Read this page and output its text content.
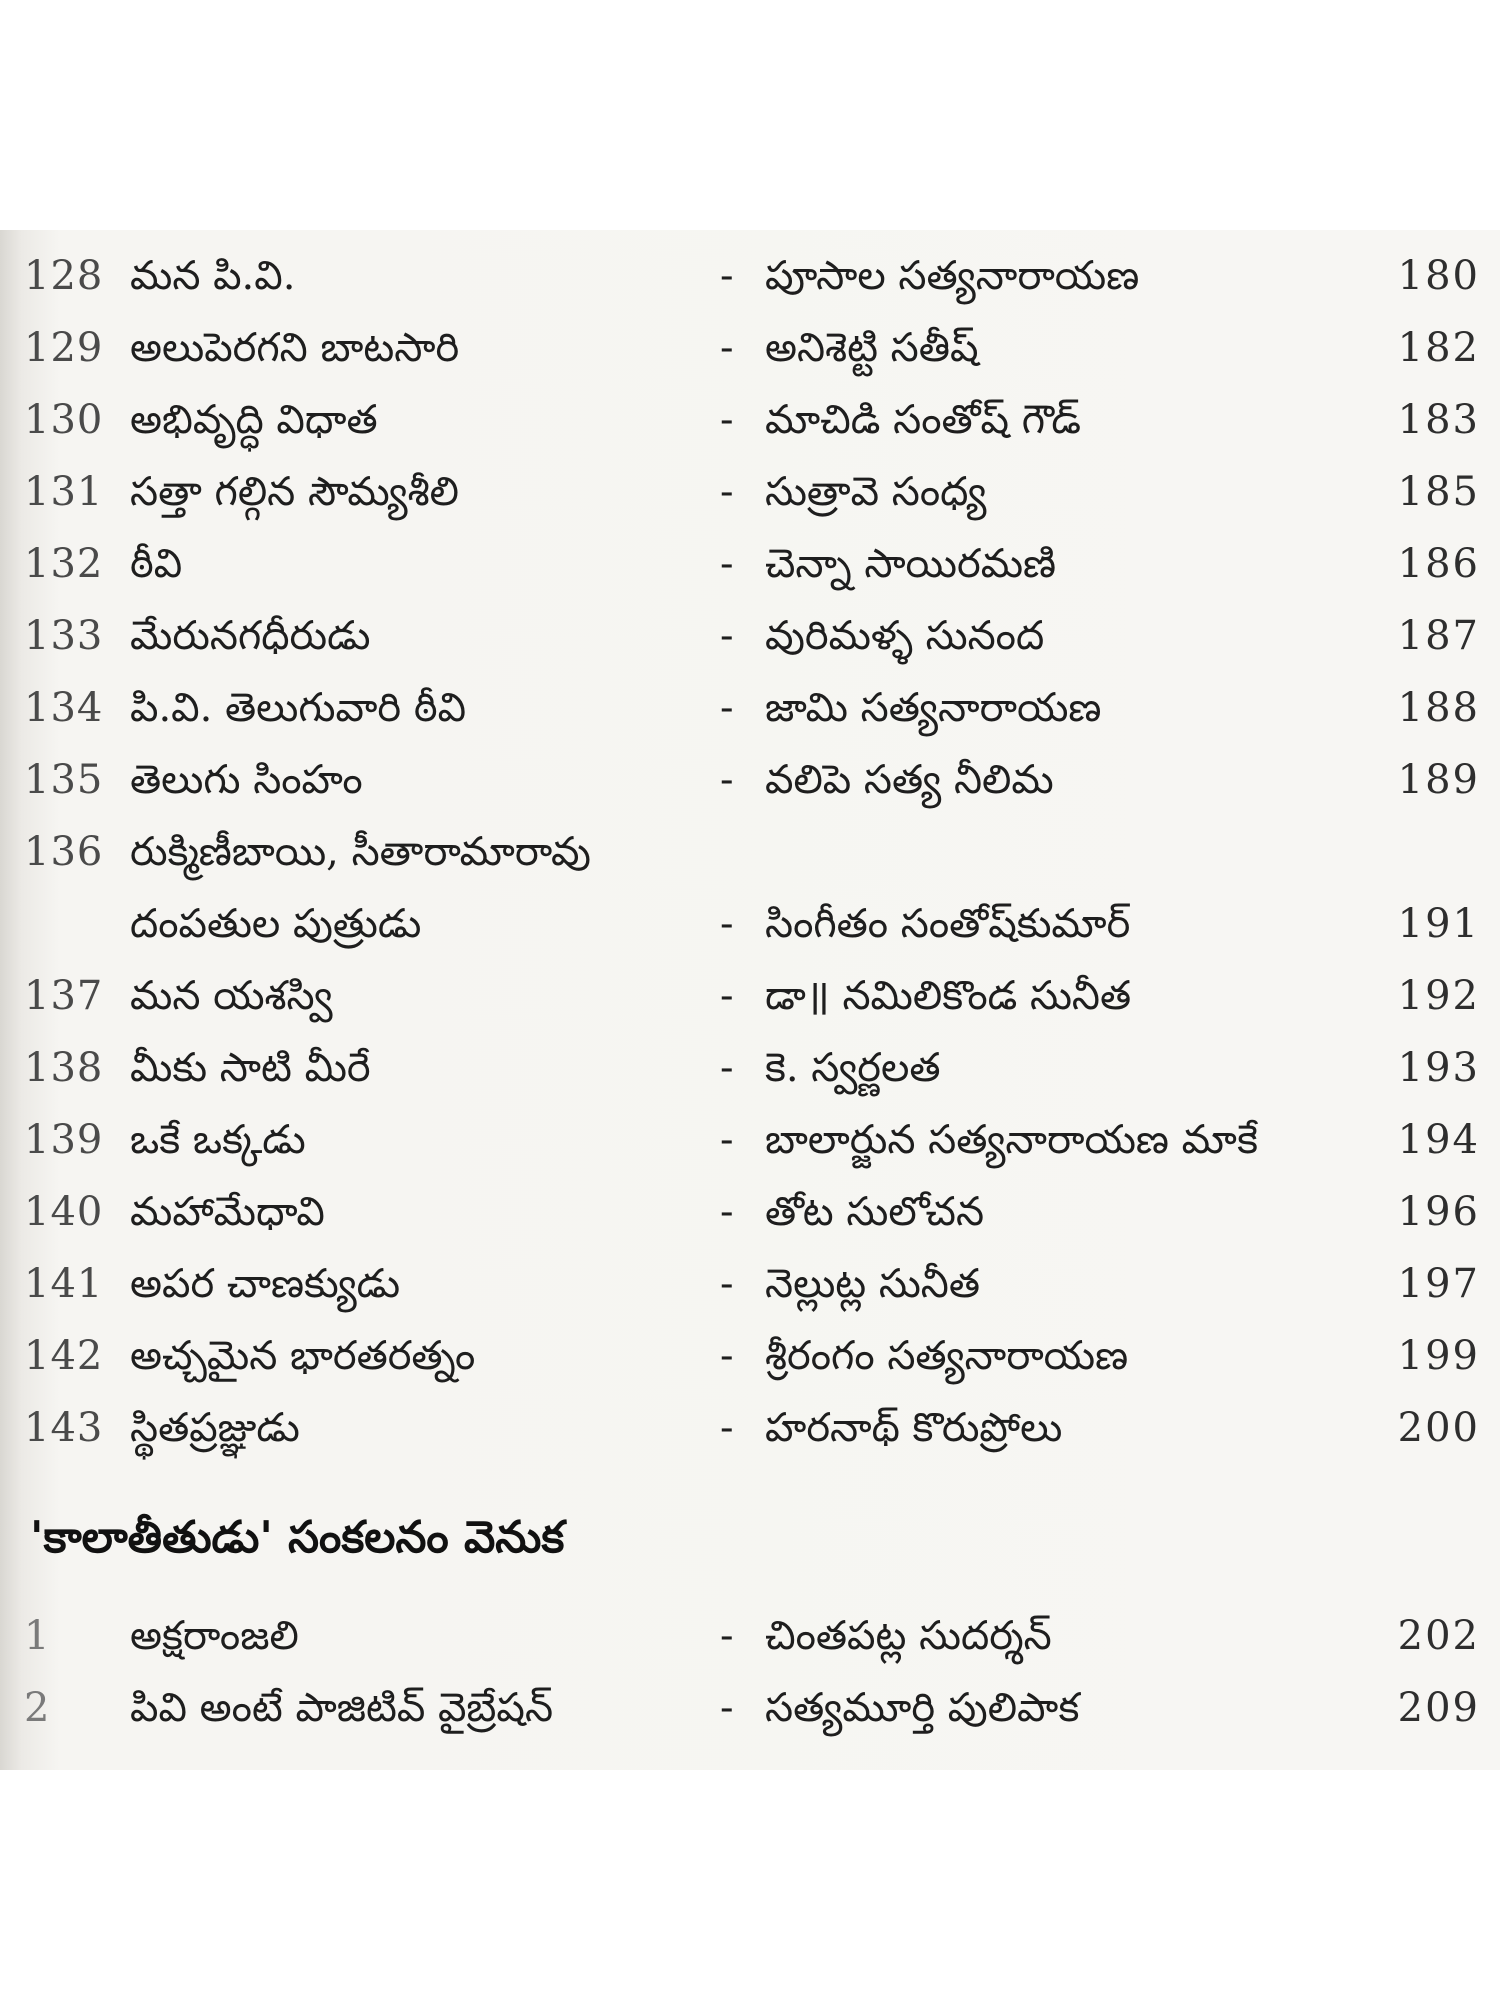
128 మన పి.వి.	- పూసాల సత్యనారాయణ	180
129 అలుపెరగని బాటసారి	- అనిశెట్టి సతీష్	182
130 అభివృద్ధి విధాత	- మాచిడి సంతోష్ గౌడ్	183
131 సత్తా గల్గిన సౌమ్యశీలి	- సుత్రావె సంధ్య	185
132 ఠీవి	- చెన్నా సాయిరమణి	186
133 మేరునగధీరుడు	- వురిమళ్ళ సునంద	187
134 పి.వి. తెలుగువారి ఠీవి	- జామి సత్యనారాయణ	188
135 తెలుగు సింహం	- వలిపె సత్య నీలిమ	189
136 రుక్మిణీబాయి, సీతారామారావు
దంపతుల పుత్రుడు	- సింగీతం సంతోష్‌కుమార్	191
137 మన యశస్వి	- డా॥ నమిలికొండ సునీత	192
138 మీకు సాటి మీరే	- కె. స్వర్ణలత	193
139 ఒకే ఒక్కడు	- బాలార్జున సత్యనారాయణ మాకే	194
140 మహామేధావి	- తోట సులోచన	196
141 అపర చాణక్యుడు	- నెల్లుట్ల సునీత	197
142 అచ్చమైన భారతరత్నం	- శ్రీరంగం సత్యనారాయణ	199
143 స్థితప్రజ్ఞుడు	- హరనాథ్ కొరుప్రోలు	200
'కాలాతీతుడు' సంకలనం వెనుక
1 అక్షరాంజలి	- చింతపట్ల సుదర్శన్	202
2 పివి అంటే పాజిటివ్ వైబ్రేషన్	- సత్యమూర్తి పులిపాక	209
